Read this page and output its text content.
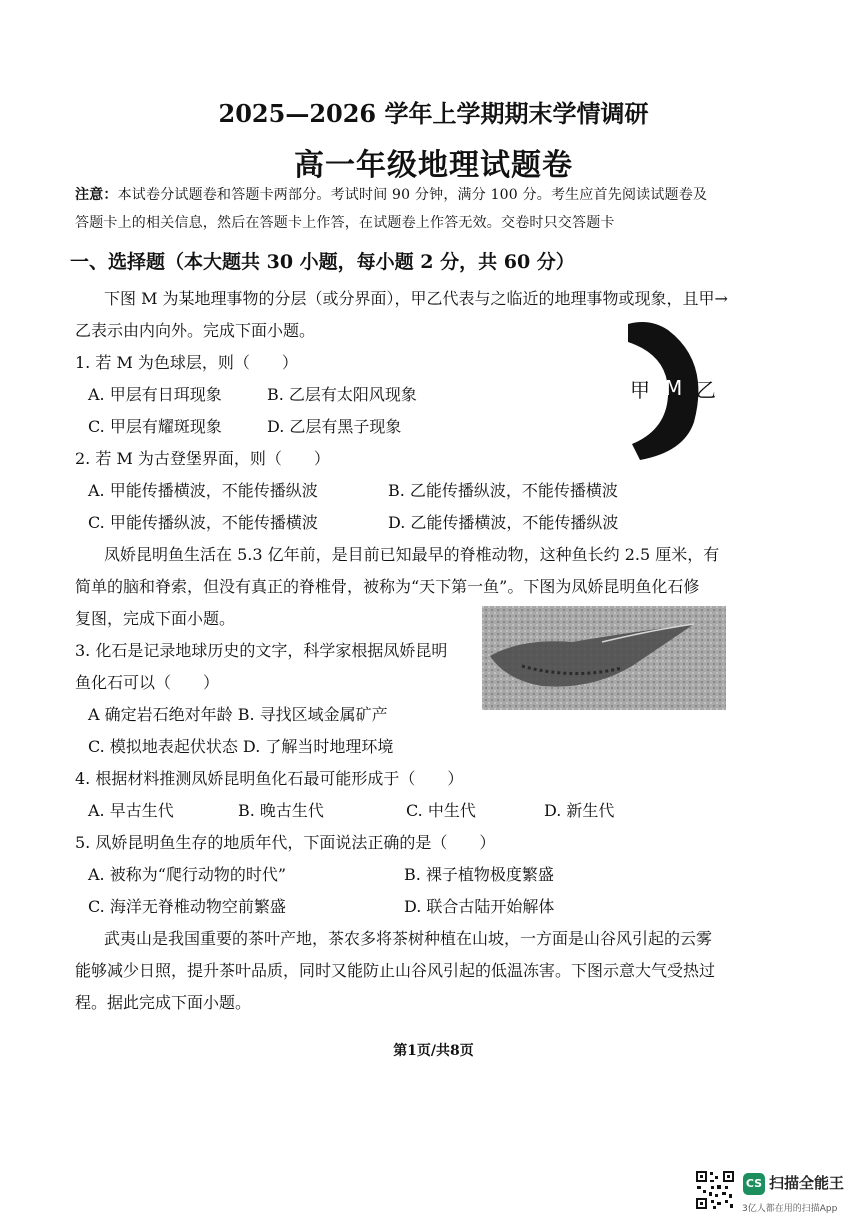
2025—2026 学年上学期期末学情调研
高一年级地理试题卷
注意：本试卷分试题卷和答题卡两部分。考试时间 90 分钟，满分 100 分。考生应首先阅读试题卷及
答题卡上的相关信息，然后在答题卡上作答，在试题卷上作答无效。交卷时只交答题卡
一、选择题（本大题共 30 小题，每小题 2 分，共 60 分）
下图 M 为某地理事物的分层（或分界面），甲乙代表与之临近的地理事物或现象，且甲→
乙表示由内向外。完成下面小题。
甲 M 乙
1. 若 M 为色球层，则（　　）
A. 甲层有日珥现象	B. 乙层有太阳风现象
C. 甲层有耀斑现象	D. 乙层有黑子现象
2. 若 M 为古登堡界面，则（　　）
A. 甲能传播横波，不能传播纵波	B. 乙能传播纵波，不能传播横波
C. 甲能传播纵波，不能传播横波	D. 乙能传播横波，不能传播纵波
凤娇昆明鱼生活在 5.3 亿年前，是目前已知最早的脊椎动物，这种鱼长约 2.5 厘米，有
简单的脑和脊索，但没有真正的脊椎骨，被称为“天下第一鱼”。下图为凤娇昆明鱼化石修
复图，完成下面小题。
3. 化石是记录地球历史的文字，科学家根据凤娇昆明
鱼化石可以（　　）
A 确定岩石绝对年龄 B. 寻找区域金属矿产
C. 模拟地表起伏状态 D. 了解当时地理环境
4. 根据材料推测凤娇昆明鱼化石最可能形成于（　　）
A. 早古生代	B. 晚古生代	C. 中生代	D. 新生代
5. 凤娇昆明鱼生存的地质年代，下面说法正确的是（　　）
A. 被称为“爬行动物的时代”	B. 裸子植物极度繁盛
C. 海洋无脊椎动物空前繁盛	D. 联合古陆开始解体
武夷山是我国重要的茶叶产地，茶农多将茶树种植在山坡，一方面是山谷风引起的云雾
能够减少日照，提升茶叶品质，同时又能防止山谷风引起的低温冻害。下图示意大气受热过
程。据此完成下面小题。
第1页/共8页
CS 扫描全能王
3亿人都在用的扫描App
